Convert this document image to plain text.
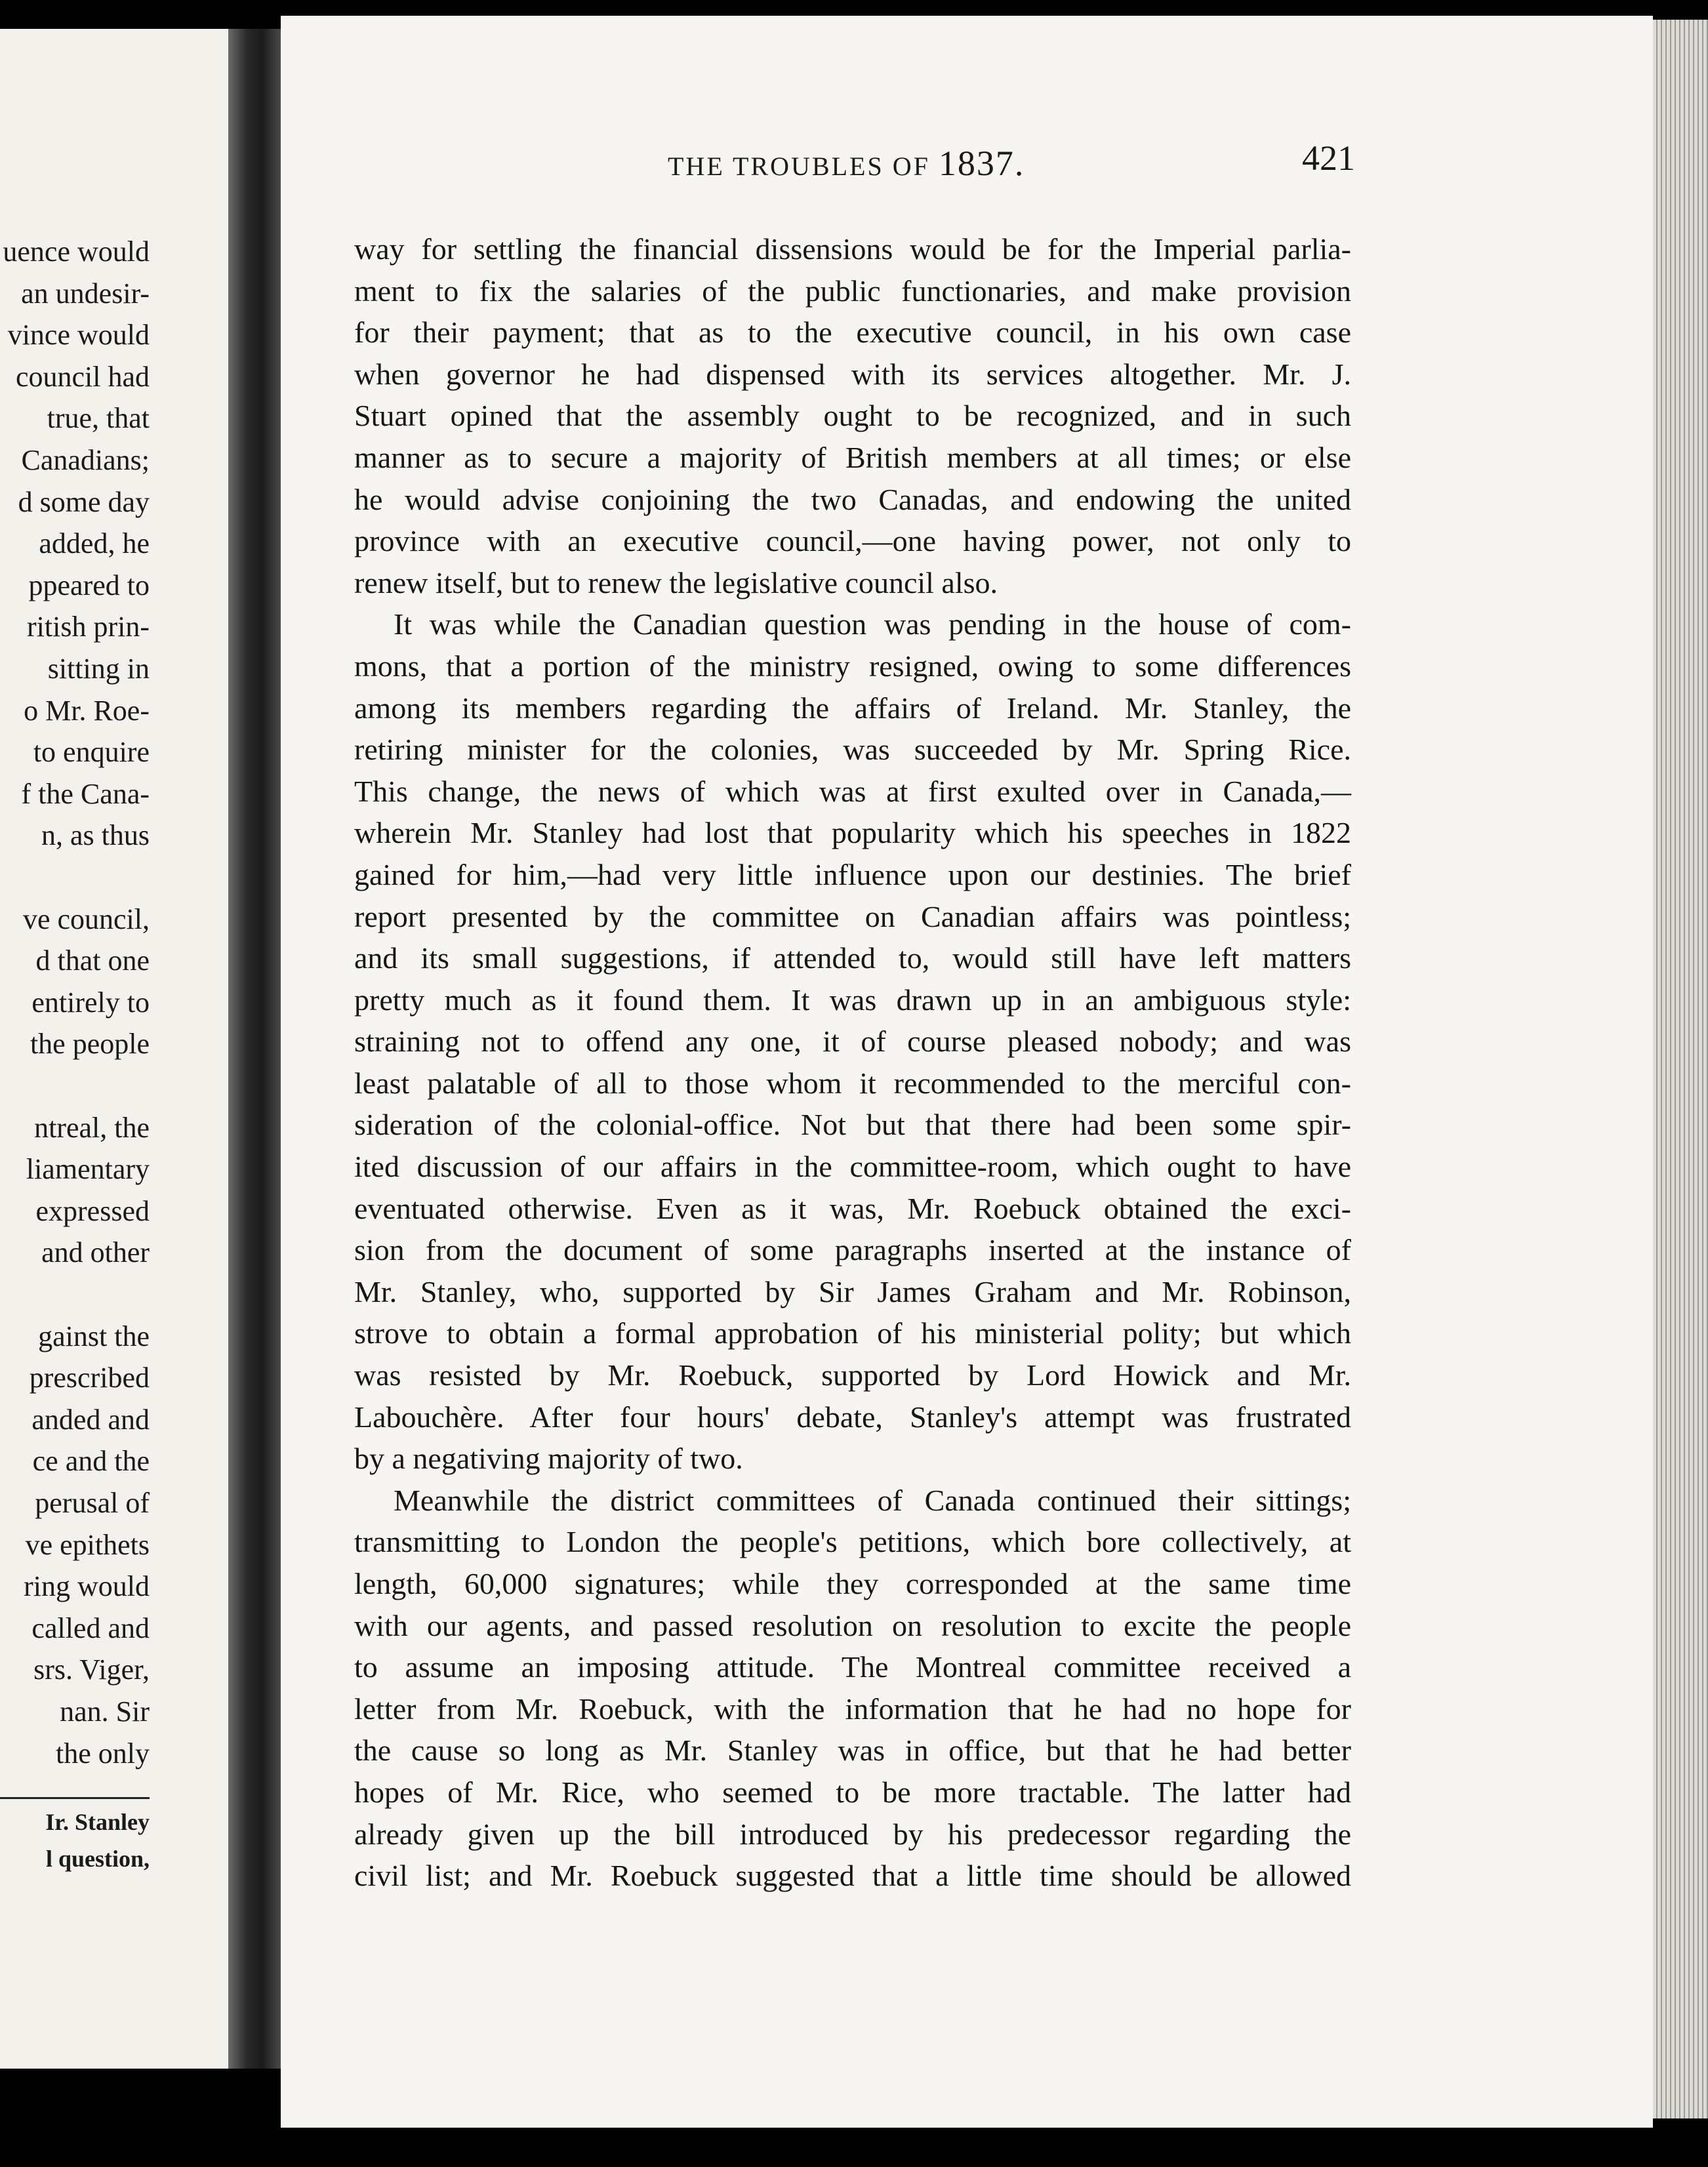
uence would
an undesir-
vince would
council had
true, that
Canadians;
d some day
added, he
ppeared to
ritish prin-
sitting in
o Mr. Roe-
to enquire
f the Cana-
n, as thus
ve council,
d that one
entirely to
the people
ntreal, the
liamentary
expressed
and other
gainst the
prescribed
anded and
ce and the
perusal of
ve epithets
ring would
called and
srs. Viger,
nan. Sir
the only
Ir. Stanley
l question,
THE TROUBLES OF 1837.	421
way for settling the financial dissensions would be for the Imperial parlia-
ment to fix the salaries of the public functionaries, and make provision
for their payment; that as to the executive council, in his own case
when governor he had dispensed with its services altogether. Mr. J.
Stuart opined that the assembly ought to be recognized, and in such
manner as to secure a majority of British members at all times; or else
he would advise conjoining the two Canadas, and endowing the united
province with an executive council,—one having power, not only to
renew itself, but to renew the legislative council also.
It was while the Canadian question was pending in the house of com-
mons, that a portion of the ministry resigned, owing to some differences
among its members regarding the affairs of Ireland. Mr. Stanley, the
retiring minister for the colonies, was succeeded by Mr. Spring Rice.
This change, the news of which was at first exulted over in Canada,—
wherein Mr. Stanley had lost that popularity which his speeches in 1822
gained for him,—had very little influence upon our destinies. The brief
report presented by the committee on Canadian affairs was pointless;
and its small suggestions, if attended to, would still have left matters
pretty much as it found them. It was drawn up in an ambiguous style:
straining not to offend any one, it of course pleased nobody; and was
least palatable of all to those whom it recommended to the merciful con-
sideration of the colonial-office. Not but that there had been some spir-
ited discussion of our affairs in the committee-room, which ought to have
eventuated otherwise. Even as it was, Mr. Roebuck obtained the exci-
sion from the document of some paragraphs inserted at the instance of
Mr. Stanley, who, supported by Sir James Graham and Mr. Robinson,
strove to obtain a formal approbation of his ministerial polity; but which
was resisted by Mr. Roebuck, supported by Lord Howick and Mr.
Labouchère. After four hours' debate, Stanley's attempt was frustrated
by a negativing majority of two.
Meanwhile the district committees of Canada continued their sittings;
transmitting to London the people's petitions, which bore collectively, at
length, 60,000 signatures; while they corresponded at the same time
with our agents, and passed resolution on resolution to excite the people
to assume an imposing attitude. The Montreal committee received a
letter from Mr. Roebuck, with the information that he had no hope for
the cause so long as Mr. Stanley was in office, but that he had better
hopes of Mr. Rice, who seemed to be more tractable. The latter had
already given up the bill introduced by his predecessor regarding the
civil list; and Mr. Roebuck suggested that a little time should be allowed
